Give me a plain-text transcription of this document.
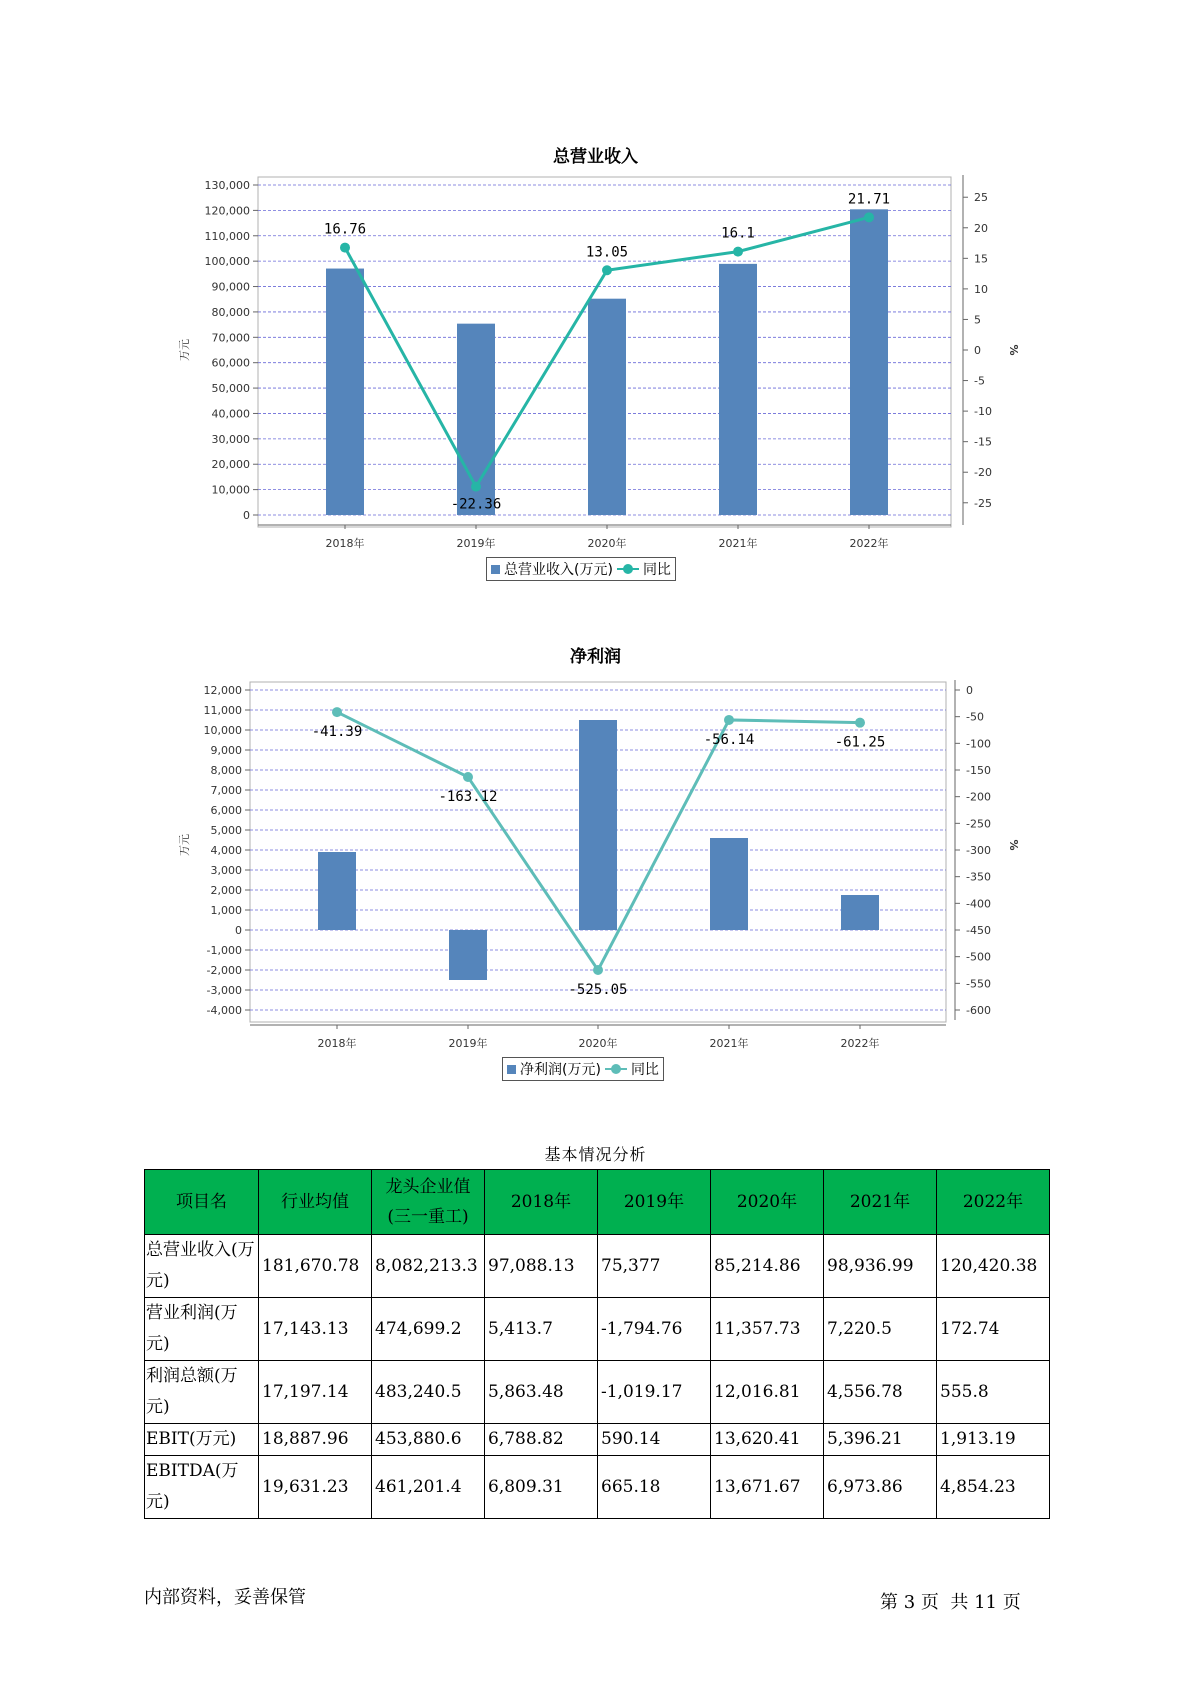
总营业收入
0
10,000
20,000
30,000
40,000
50,000
60,000
70,000
80,000
90,000
100,000
110,000
120,000
130,000
-25
-20
-15
-10
-5
0
5
10
15
20
25
万元	%
2018年	2019年	2020年	2021年	2022年
16.76
-22.36
13.05
16.1
21.71
总营业收入(万元) 同比
净利润
-4,000
-3,000
-2,000
-1,000
0
1,000
2,000
3,000
4,000
5,000
6,000
7,000
8,000
9,000
10,000
11,000
12,000
-600
-550
-500
-450
-400
-350
-300
-250
-200
-150
-100
-50
0
万元	%
2018年	2019年	2020年	2021年	2022年
-41.39
-163.12
-525.05
-56.14	-61.25
净利润(万元) 同比
基本情况分析
项目名	行业均值	龙头企业值(三一重工)	2018年	2019年	2020年	2021年	2022年
总营业收入(万元)	181,670.78	8,082,213.3	97,088.13	75,377	85,214.86	98,936.99	120,420.38
营业利润(万元)	17,143.13	474,699.2	5,413.7	-1,794.76	11,357.73	7,220.5	172.74
利润总额(万元)	17,197.14	483,240.5	5,863.48	-1,019.17	12,016.81	4,556.78	555.8
EBIT(万元)	18,887.96	453,880.6	6,788.82	590.14	13,620.41	5,396.21	1,913.19
EBITDA(万元)	19,631.23	461,201.4	6,809.31	665.18	13,671.67	6,973.86	4,854.23
内部资料，妥善保管	第 3 页 共 11 页
